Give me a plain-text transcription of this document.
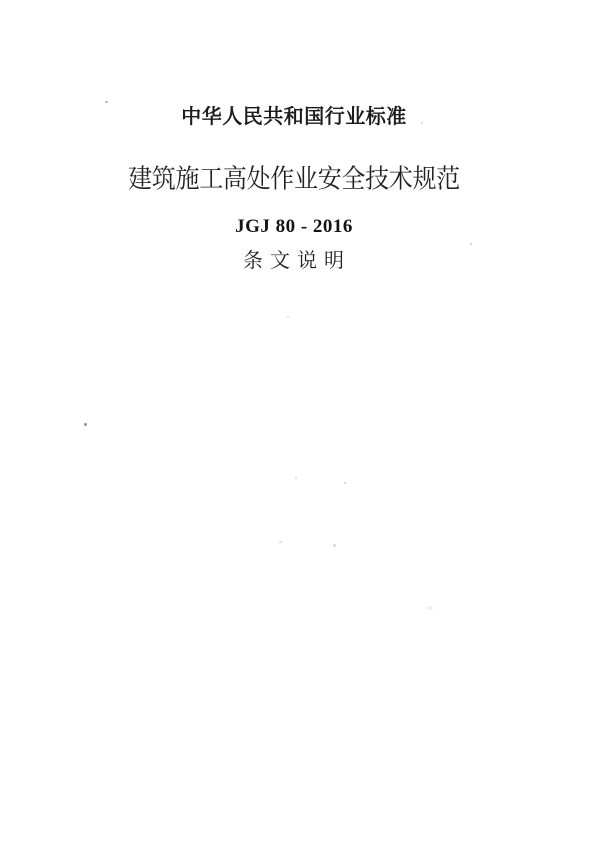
中华人民共和国行业标准
建筑施工高处作业安全技术规范
JGJ 80 - 2016
条 文 说 明
